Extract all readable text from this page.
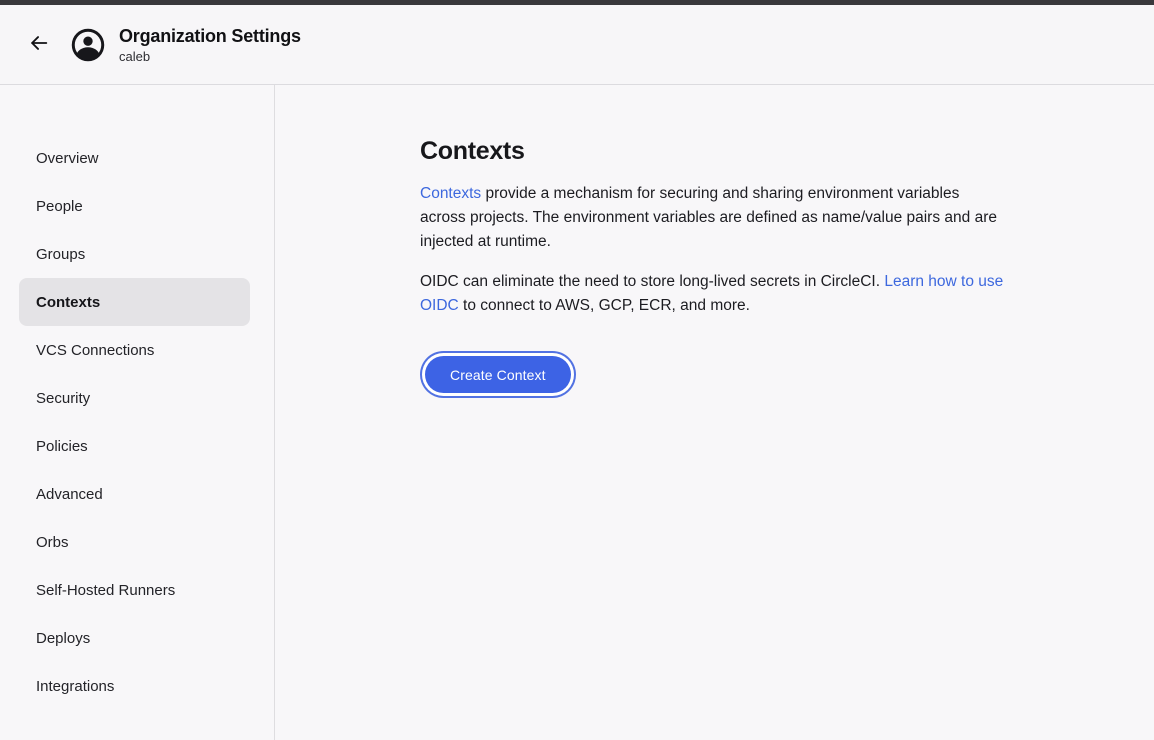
Organization Settings
caleb
Overview
People
Groups
Contexts
VCS Connections
Security
Policies
Advanced
Orbs
Self-Hosted Runners
Deploys
Integrations
Contexts

Contexts provide a mechanism for securing and sharing environment variables
across projects. The environment variables are defined as name/value pairs and are
injected at runtime.

OIDC can eliminate the need to store long-lived secrets in CircleCI. Learn how to use
OIDC to connect to AWS, GCP, ECR, and more.

Create Context
